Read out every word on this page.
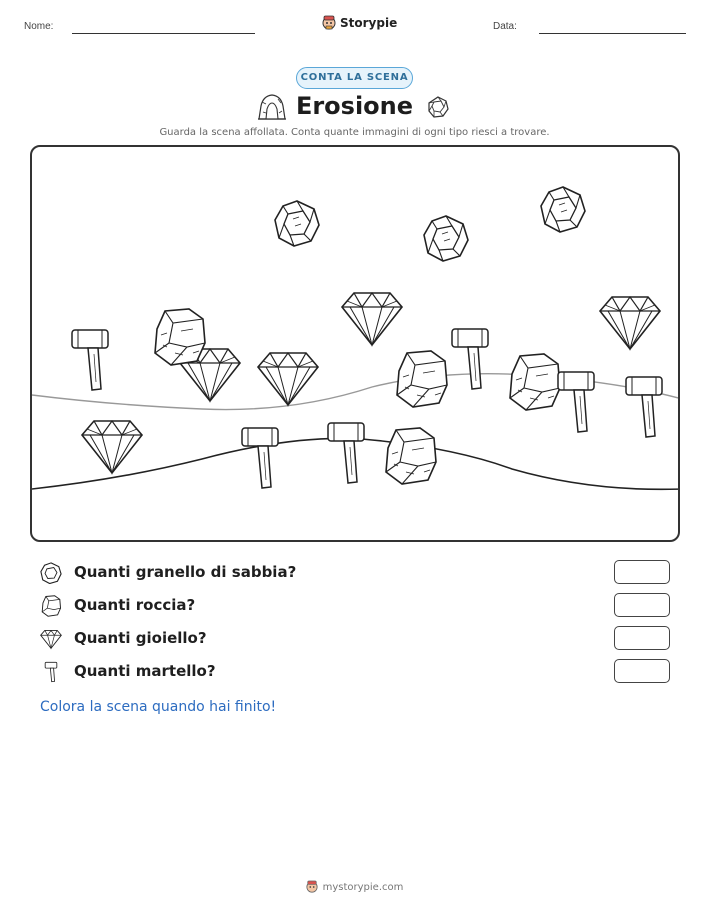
Nome:	Storypie	Data:
CONTA LA SCENA
Erosione
Guarda la scena affollata. Conta quante immagini di ogni tipo riesci a trovare.
Quanti granello di sabbia?
Quanti roccia?
Quanti gioiello?
Quanti martello?
Colora la scena quando hai finito!
mystorypie.com
